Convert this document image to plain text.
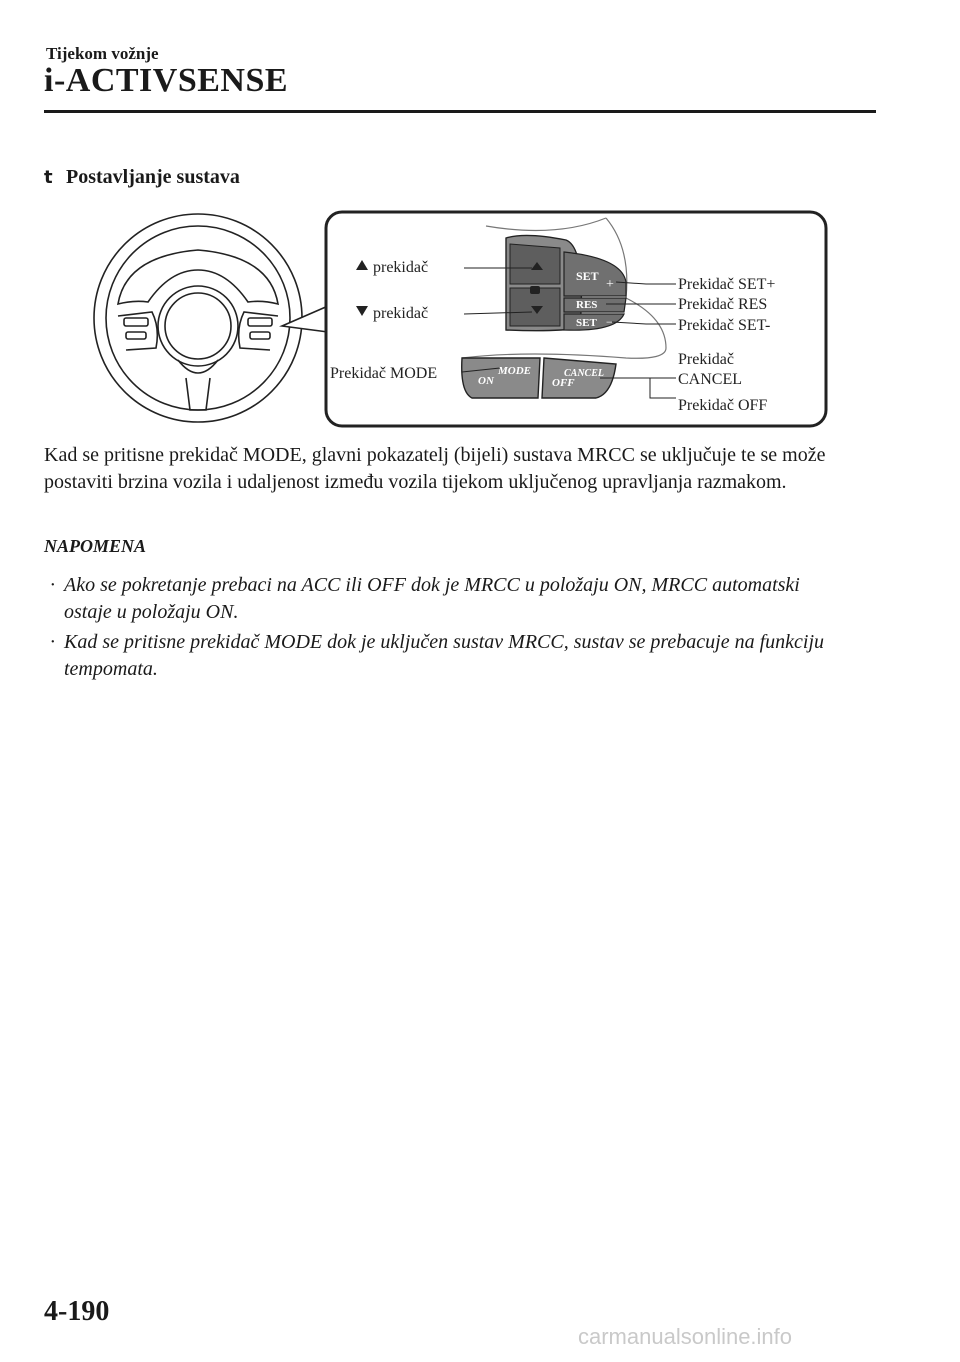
Tijekom vožnje
i-ACTIVSENSE
t Postavljanje sustava
SET
+
RES
SET −
MODE
ON
CANCEL
OFF
prekidač
prekidač
Prekidač MODE
Prekidač SET+
Prekidač RES
Prekidač SET-
Prekidač
CANCEL
Prekidač OFF

Kad se pritisne prekidač MODE, glavni pokazatelj (bijeli) sustava MRCC se uključuje te se može postaviti brzina vozila i udaljenost između vozila tijekom uključenog upravljanja razmakom.

NAPOMENA
· Ako se pokretanje prebaci na ACC ili OFF dok je MRCC u položaju ON, MRCC automatski ostaje u položaju ON.
· Kad se pritisne prekidač MODE dok je uključen sustav MRCC, sustav se prebacuje na funkciju tempomata.
4-190
carmanualsonline.info
